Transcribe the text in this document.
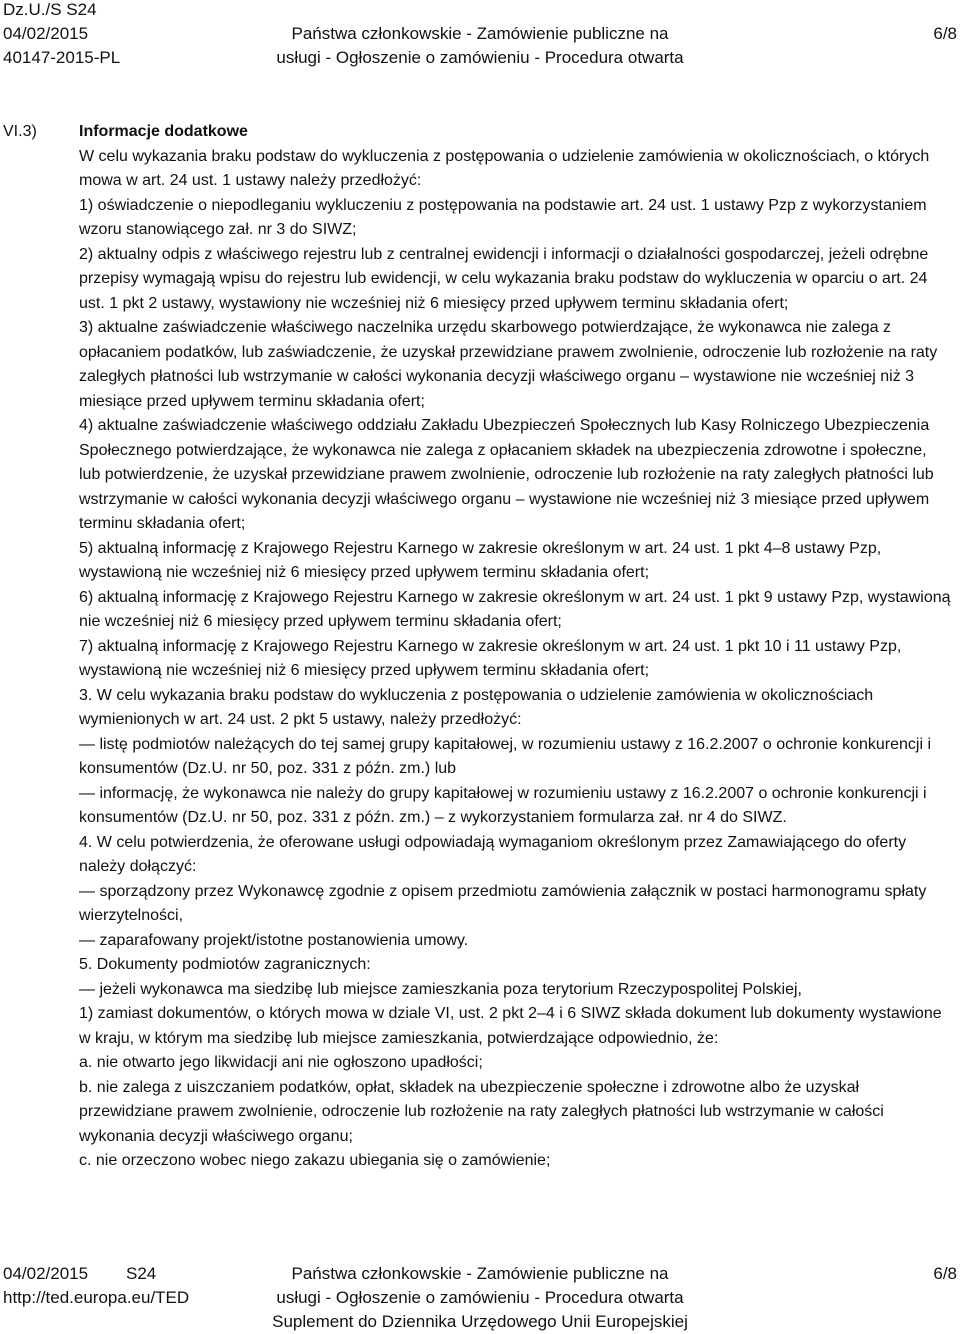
Dz.U./S S24
04/02/2015
40147-2015-PL
Państwa członkowskie - Zamówienie publiczne na
usługi - Ogłoszenie o zamówieniu - Procedura otwarta
6/8
VI.3)	Informacje dodatkowe

W celu wykazania braku podstaw do wykluczenia z postępowania o udzielenie zamówienia w okolicznościach, o których mowa w art. 24 ust. 1 ustawy należy przedłożyć:

1) oświadczenie o niepodleganiu wykluczeniu z postępowania na podstawie art. 24 ust. 1 ustawy Pzp z wykorzystaniem wzoru stanowiącego zał. nr 3 do SIWZ;

2) aktualny odpis z właściwego rejestru lub z centralnej ewidencji i informacji o działalności gospodarczej, jeżeli odrębne przepisy wymagają wpisu do rejestru lub ewidencji, w celu wykazania braku podstaw do wykluczenia w oparciu o art. 24 ust. 1 pkt 2 ustawy, wystawiony nie wcześniej niż 6 miesięcy przed upływem terminu składania ofert;

3) aktualne zaświadczenie właściwego naczelnika urzędu skarbowego potwierdzające, że wykonawca nie zalega z opłacaniem podatków, lub zaświadczenie, że uzyskał przewidziane prawem zwolnienie, odroczenie lub rozłożenie na raty zaległych płatności lub wstrzymanie w całości wykonania decyzji właściwego organu – wystawione nie wcześniej niż 3 miesiące przed upływem terminu składania ofert;

4) aktualne zaświadczenie właściwego oddziału Zakładu Ubezpieczeń Społecznych lub Kasy Rolniczego Ubezpieczenia Społecznego potwierdzające, że wykonawca nie zalega z opłacaniem składek na ubezpieczenia zdrowotne i społeczne, lub potwierdzenie, że uzyskał przewidziane prawem zwolnienie, odroczenie lub rozłożenie na raty zaległych płatności lub wstrzymanie w całości wykonania decyzji właściwego organu – wystawione nie wcześniej niż 3 miesiące przed upływem terminu składania ofert;

5) aktualną informację z Krajowego Rejestru Karnego w zakresie określonym w art. 24 ust. 1 pkt 4–8 ustawy Pzp, wystawioną nie wcześniej niż 6 miesięcy przed upływem terminu składania ofert;

6) aktualną informację z Krajowego Rejestru Karnego w zakresie określonym w art. 24 ust. 1 pkt 9 ustawy Pzp, wystawioną nie wcześniej niż 6 miesięcy przed upływem terminu składania ofert;

7) aktualną informację z Krajowego Rejestru Karnego w zakresie określonym w art. 24 ust. 1 pkt 10 i 11 ustawy Pzp, wystawioną nie wcześniej niż 6 miesięcy przed upływem terminu składania ofert;

3. W celu wykazania braku podstaw do wykluczenia z postępowania o udzielenie zamówienia w okolicznościach wymienionych w art. 24 ust. 2 pkt 5 ustawy, należy przedłożyć:

— listę podmiotów należących do tej samej grupy kapitałowej, w rozumieniu ustawy z 16.2.2007 o ochronie konkurencji i konsumentów (Dz.U. nr 50, poz. 331 z późn. zm.) lub

— informację, że wykonawca nie należy do grupy kapitałowej w rozumieniu ustawy z 16.2.2007 o ochronie konkurencji i konsumentów (Dz.U. nr 50, poz. 331 z późn. zm.) – z wykorzystaniem formularza zał. nr 4 do SIWZ.

4. W celu potwierdzenia, że oferowane usługi odpowiadają wymaganiom określonym przez Zamawiającego do oferty należy dołączyć:

— sporządzony przez Wykonawcę zgodnie z opisem przedmiotu zamówienia załącznik w postaci harmonogramu spłaty wierzytelności,

— zaparafowany projekt/istotne postanowienia umowy.

5. Dokumenty podmiotów zagranicznych:

— jeżeli wykonawca ma siedzibę lub miejsce zamieszkania poza terytorium Rzeczypospolitej Polskiej,

1) zamiast dokumentów, o których mowa w dziale VI, ust. 2 pkt 2–4 i 6 SIWZ składa dokument lub dokumenty wystawione w kraju, w którym ma siedzibę lub miejsce zamieszkania, potwierdzające odpowiednio, że:

a. nie otwarto jego likwidacji ani nie ogłoszono upadłości;

b. nie zalega z uiszczaniem podatków, opłat, składek na ubezpieczenie społeczne i zdrowotne albo że uzyskał przewidziane prawem zwolnienie, odroczenie lub rozłożenie na raty zaległych płatności lub wstrzymanie w całości wykonania decyzji właściwego organu;

c. nie orzeczono wobec niego zakazu ubiegania się o zamówienie;

04/02/2015 S24
http://ted.europa.eu/TED
Państwa członkowskie - Zamówienie publiczne na
usługi - Ogłoszenie o zamówieniu - Procedura otwarta
Suplement do Dziennika Urzędowego Unii Europejskiej
6/8
